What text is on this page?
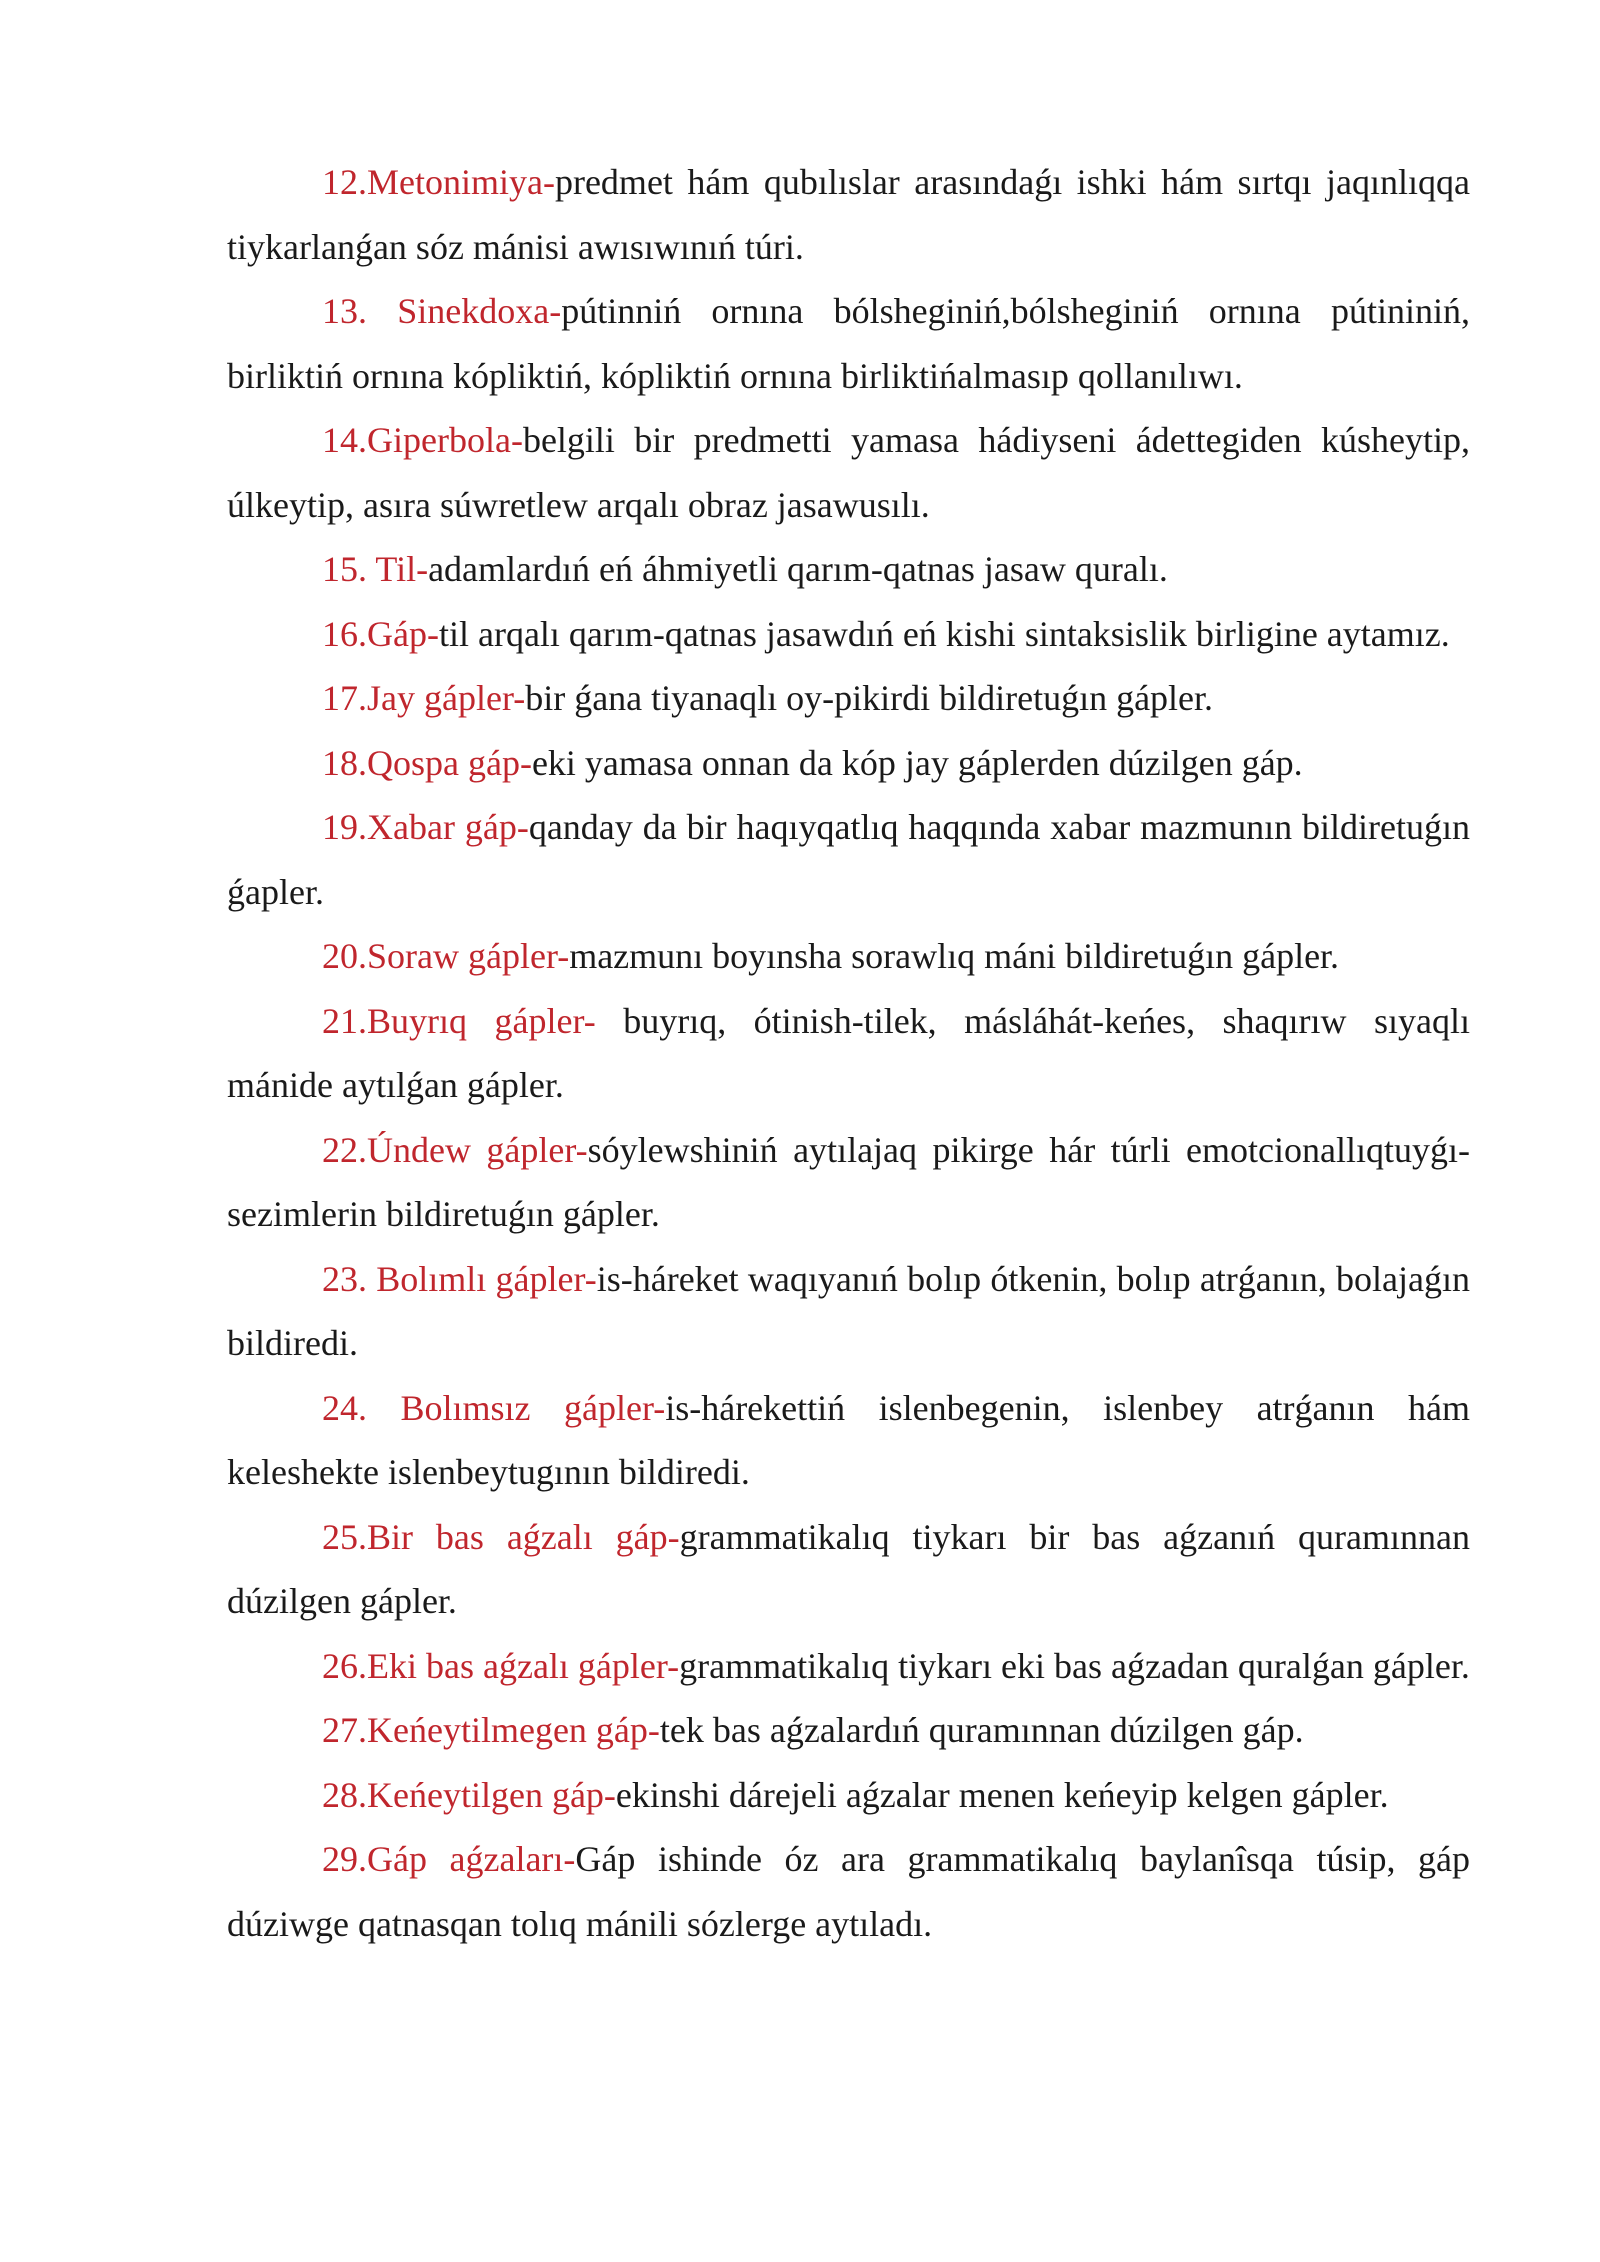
12.Metonimiya-predmet hám qubılıslar arasındaǵı ishki hám sırtqı jaqınlıqqa tiykarlanǵan sóz mánisi awısıwınıń túri.

13. Sinekdoxa-pútinniń ornına bólsheginiń,bólsheginiń ornına pútininiń, birliktiń ornına kópliktiń, kópliktiń ornına birliktińalmasıp qollanılıwı.

14.Giperbola-belgili bir predmetti yamasa hádiyseni ádettegiden kúsheytip, úlkeytip, asıra súwretlew arqalı obraz jasawusılı.

15. Til-adamlardıń eń áhmiyetli qarım-qatnas jasaw quralı.

16.Gáp-til arqalı qarım-qatnas jasawdıń eń kishi sintaksislik birligine aytamız.

17.Jay gápler-bir ǵana tiyanaqlı oy-pikirdi bildiretuǵın gápler.

18.Qospa gáp-eki yamasa onnan da kóp jay gáplerden dúzilgen gáp.

19.Xabar gáp-qanday da bir haqıyqatlıq haqqında xabar mazmunın bildiretuǵın ǵapler.

20.Soraw gápler-mazmunı boyınsha sorawlıq máni bildiretuǵın gápler.

21.Buyrıq gápler- buyrıq, ótinish-tilek, másláhát-keńes, shaqırıw sıyaqlı mánide aytılǵan gápler.

22.Úndew gápler-sóylewshiniń aytılajaq pikirge hár túrli emotcionallıqtuyǵı-sezimlerin bildiretuǵın gápler.

23. Bolımlı gápler-is-háreket waqıyanıń bolıp ótkenin, bolıp atrǵanın, bolajaǵın bildiredi.

24. Bolımsız gápler-is-hárekettiń islenbegenin, islenbey atrǵanın hám keleshekte islenbeytugının bildiredi.

25.Bir bas aǵzalı gáp-grammatikalıq tiykarı bir bas aǵzanıń quramınnan dúzilgen gápler.

26.Eki bas aǵzalı gápler-grammatikalıq tiykarı eki bas aǵzadan quralǵan gápler.

27.Keńeytilmegen gáp-tek bas aǵzalardıń quramınnan dúzilgen gáp.

28.Keńeytilgen gáp-ekinshi dárejeli aǵzalar menen keńeyip kelgen gápler.

29.Gáp aǵzaları-Gáp ishinde óz ara grammatikalıq baylanîsqa túsip, gáp dúziwge qatnasqan tolıq mánili sózlerge aytıladı.
